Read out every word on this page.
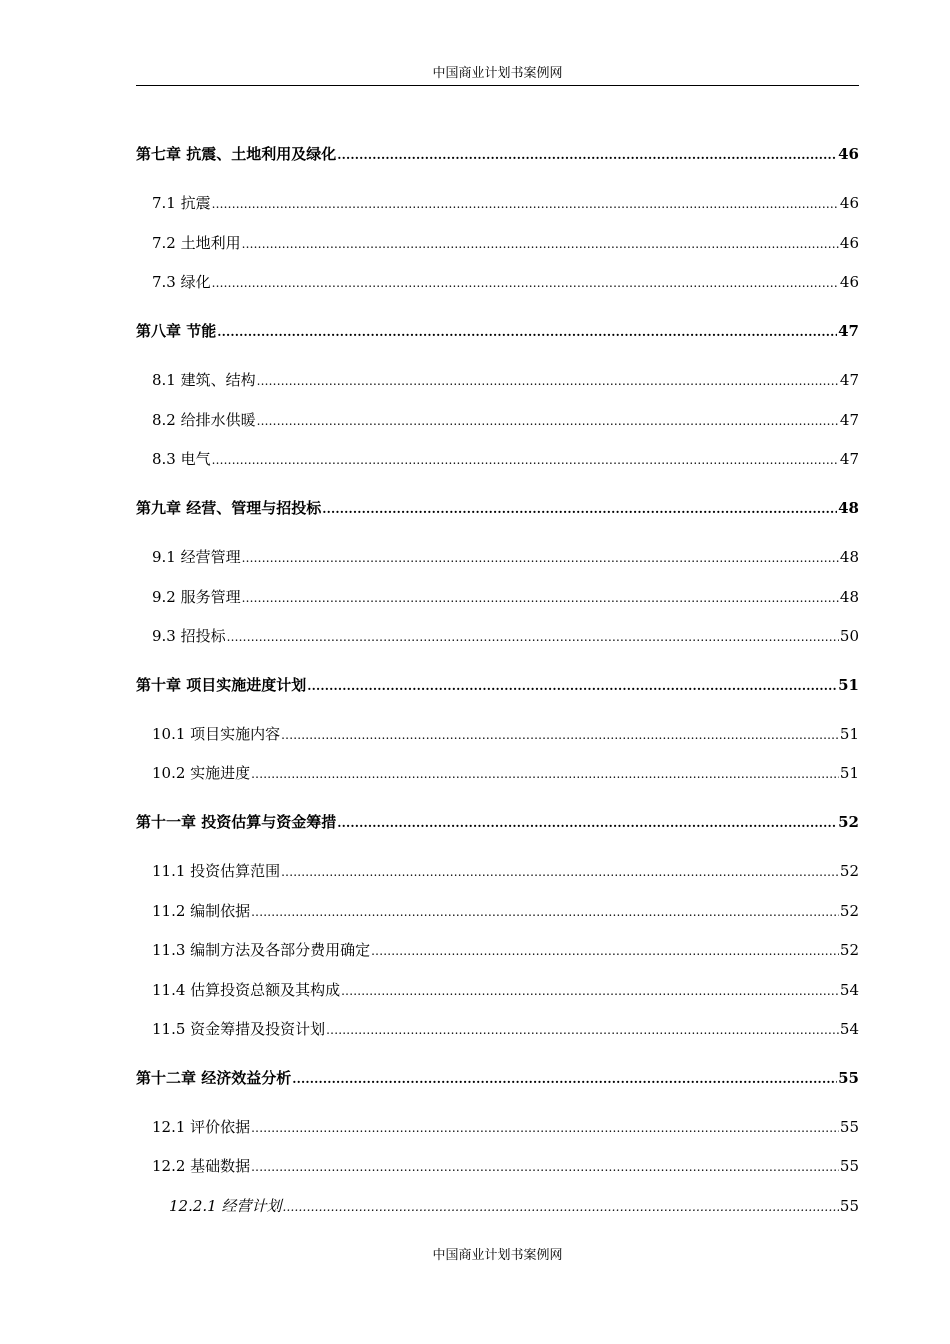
中国商业计划书案例网
第七章 抗震、土地利用及绿化 .....	46
7.1 抗震 .....	46
7.2 土地利用 .....	46
7.3 绿化 .....	46
第八章 节能 .....	47
8.1 建筑、结构 .....	47
8.2 给排水供暖 .....	47
8.3 电气 .....	47
第九章 经营、管理与招投标 .....	48
9.1 经营管理 .....	48
9.2 服务管理 .....	48
9.3 招投标 .....	50
第十章 项目实施进度计划 .....	51
10.1 项目实施内容 .....	51
10.2 实施进度 .....	51
第十一章 投资估算与资金筹措 .....	52
11.1 投资估算范围 .....	52
11.2 编制依据 .....	52
11.3 编制方法及各部分费用确定 .....	52
11.4 估算投资总额及其构成 .....	54
11.5 资金筹措及投资计划 .....	54
第十二章 经济效益分析 .....	55
12.1 评价依据 .....	55
12.2 基础数据 .....	55
12.2.1 经营计划 .....	55
中国商业计划书案例网
